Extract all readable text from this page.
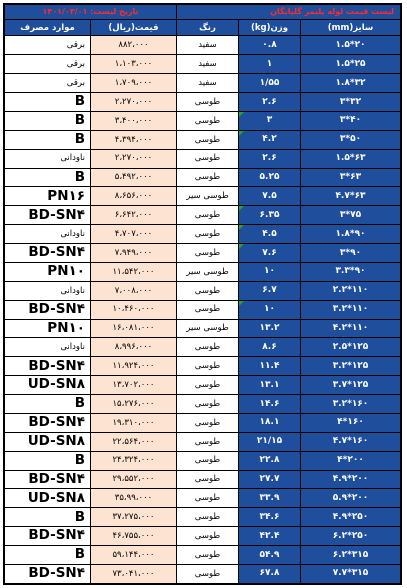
لیست قیمت لوله پلیمر گلپایگان			تاریخ لیست: ۱۴۰۱/۰۳/۰۱	
سایز(mm)	وزن(kg)	رنگ	قیمت(ریال)	موارد مصرف
۲۰*۱.۵	۰.۸	سفید	۸۸۲،۰۰۰	برقی
۲۵*۱.۵	۱	سفید	۱،۱۰۳،۰۰۰	برقی
۳۲*۱.۸	۱/۵۵	سفید	۱،۷۰۹،۰۰۰	برقی
۳۲*۳	۲.۶	طوسی	۲،۲۷۰،۰۰۰	B
۴۰*۳	۳	طوسی	۳،۴۰۰،۰۰۰	B
۵۰*۳	۴.۲	طوسی	۴،۳۹۴،۰۰۰	B
۶۳*۱.۵	۲.۶	طوسی	۲،۲۷۰،۰۰۰	ناودانی
۶۳*۳	۵.۲۵	طوسی	۵،۴۹۲،۰۰۰	B
۶۳*۴.۷	۷.۵	طوسی سیر	۸،۶۵۶،۰۰۰	PN۱۶
۷۵*۳	۶.۳۵	طوسی	۶،۶۴۲،۰۰۰	BD-SN۴
۹۰*۱.۸	۴.۵	طوسی	۴،۷۰۷،۰۰۰	ناودانی
۹۰*۳	۷.۶	طوسی	۷،۹۴۹،۰۰۰	BD-SN۴
۹۰*۳.۳	۱۰	طوسی سیر	۱۱،۵۴۲،۰۰۰	PN۱۰
۱۱۰*۲.۲	۶.۷	طوسی	۷،۰۰۸،۰۰۰	ناودانی
۱۱۰*۳.۲	۱۰	طوسی	۱۰،۴۶۰،۰۰۰	BD-SN۴
۱۱۰*۴.۲	۱۳.۲	طوسی سیر	۱۶،۰۸۱،۰۰۰	PN۱۰
۱۲۵*۲.۵	۸.۶	طوسی	۸،۹۹۶،۰۰۰	ناودانی
۱۲۵*۳.۲	۱۱.۴	طوسی	۱۱،۹۲۴،۰۰۰	BD-SN۴
۱۲۵*۳.۷	۱۳.۱	طوسی	۱۳،۷۰۲،۰۰۰	UD-SN۸
۱۶۰*۳.۲	۱۴.۶	طوسی	۱۵،۲۷۶،۰۰۰	B
۱۶۰*۴	۱۸.۱	طوسی	۱۹،۳۱۰،۰۰۰	BD-SN۴
۱۶۰*۴.۷	۲۱/۱۵	طوسی	۲۲،۵۶۴،۰۰۰	UD-SN۸
۲۰۰*۴	۲۲.۸	طوسی	۲۴،۳۲۴،۰۰۰	B
۲۰۰*۴.۹	۲۷.۷	طوسی	۲۹،۵۵۲،۰۰۰	BD-SN۴
۲۰۰*۵.۹	۳۳.۹	طوسی	۳۵،۹۹،۰۰۰	UD-SN۸
۲۵۰*۴.۹	۳۴.۶	طوسی	۳۷،۲۷۵،۰۰۰	B
۲۵۰*۶.۲	۴۲.۴	طوسی	۴۶،۷۵۵،۰۰۰	BD-SN۴
۳۱۵*۶.۲	۵۴.۹	طوسی	۵۹،۱۴۴،۰۰۰	B
۳۱۵*۷.۷	۶۷.۸	طوسی	۷۳،۰۴۱،۰۰۰	BD-SN۴
